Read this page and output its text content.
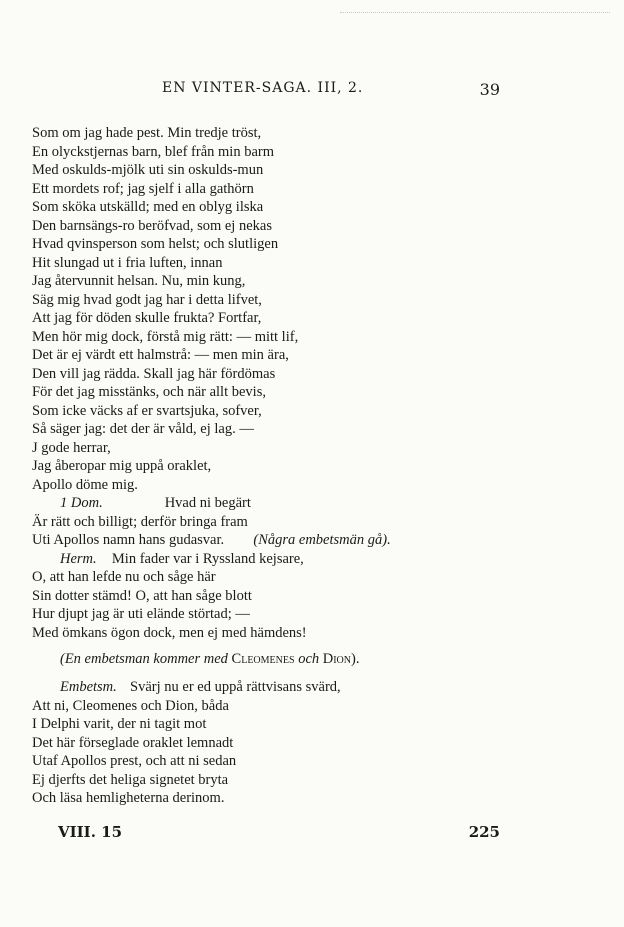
EN VINTER-SAGA. III, 2.	39
Som om jag hade pest. Min tredje tröst,
En olyckstjernas barn, blef från min barm
Med oskulds-mjölk uti sin oskulds-mun
Ett mordets rof; jag sjelf i alla gathörn
Som sköka utskälld; med en oblyg ilska
Den barnsängs-ro beröfvad, som ej nekas
Hvad qvinsperson som helst; och slutligen
Hit slungad ut i fria luften, innan
Jag återvunnit helsan. Nu, min kung,
Säg mig hvad godt jag har i detta lifvet,
Att jag för döden skulle frukta? Fortfar,
Men hör mig dock, förstå mig rätt: — mitt lif,
Det är ej värdt ett halmstrå: — men min ära,
Den vill jag rädda. Skall jag här fördömas
För det jag misstänks, och när allt bevis,
Som icke väcks af er svartsjuka, sofver,
Så säger jag: det der är våld, ej lag. —
J gode herrar,
Jag åberopar mig uppå oraklet,
Apollo döme mig.
1 Dom.	Hvad ni begärt
Är rätt och billigt; derför bringa fram
Uti Apollos namn hans gudasvar. (Några embetsmän gå).
Herm. Min fader var i Ryssland kejsare,
O, att han lefde nu och såge här
Sin dotter stämd! O, att han såge blott
Hur djupt jag är uti elände störtad; —
Med ömkans ögon dock, men ej med hämdens!
(En embetsman kommer med Cleomenes och Dion).
Embetsm. Svärj nu er ed uppå rättvisans svärd,
Att ni, Cleomenes och Dion, båda
I Delphi varit, der ni tagit mot
Det här förseglade oraklet lemnadt
Utaf Apollos prest, och att ni sedan
Ej djerfts det heliga signetet bryta
Och läsa hemligheterna derinom.
VIII. 15	225
